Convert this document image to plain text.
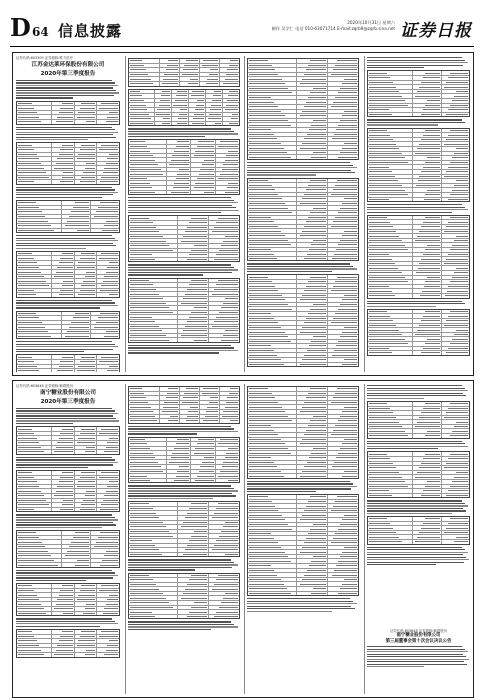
D 64 信息披露	2020年10月31日 星期六
制作 吴学仁 电话 010-63071714 E-mail:zqrb9@zqrb.sina.net 证券日报
证券代码:603309 证券简称:维力医疗
江苏金达莱环保股份有限公司
2020年第三季度报告
证券代码:603648 证券简称:畅联股份
南宁糖业股份有限公司
2020年第三季度报告
证券代码:603648 证券简称:畅联股份
南宁糖业股份有限公司
第三届董事会第十次会议决议公告
